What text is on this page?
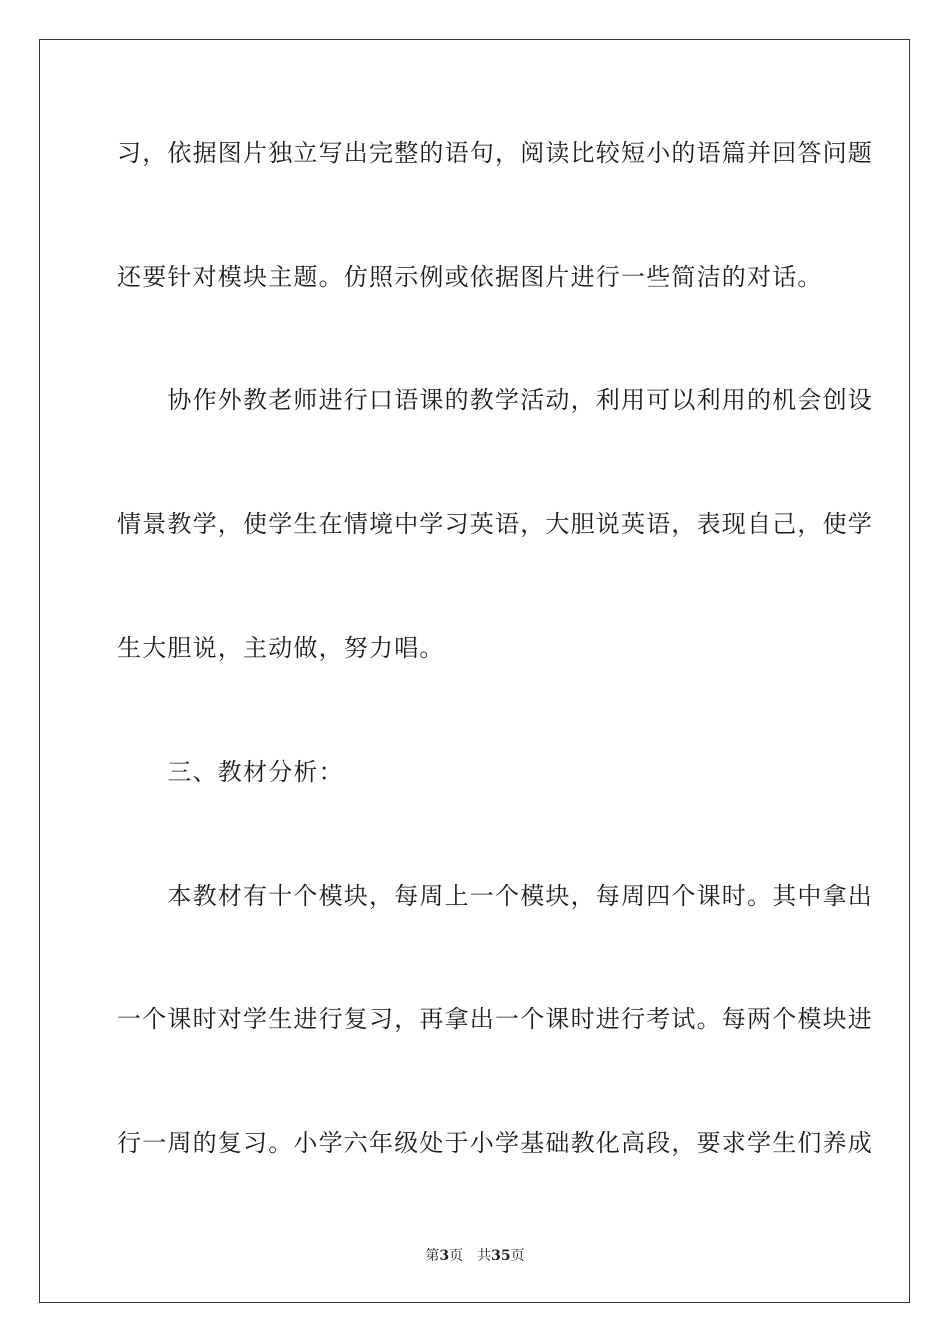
习，依据图片独立写出完整的语句，阅读比较短小的语篇并回答问题
还要针对模块主题。仿照示例或依据图片进行一些简洁的对话。
　　协作外教老师进行口语课的教学活动，利用可以利用的机会创设
情景教学，使学生在情境中学习英语，大胆说英语，表现自己，使学
生大胆说，主动做，努力唱。
　　三、教材分析：
　　本教材有十个模块，每周上一个模块，每周四个课时。其中拿出
一个课时对学生进行复习，再拿出一个课时进行考试。每两个模块进
行一周的复习。小学六年级处于小学基础教化高段，要求学生们养成
第3页 共35页
